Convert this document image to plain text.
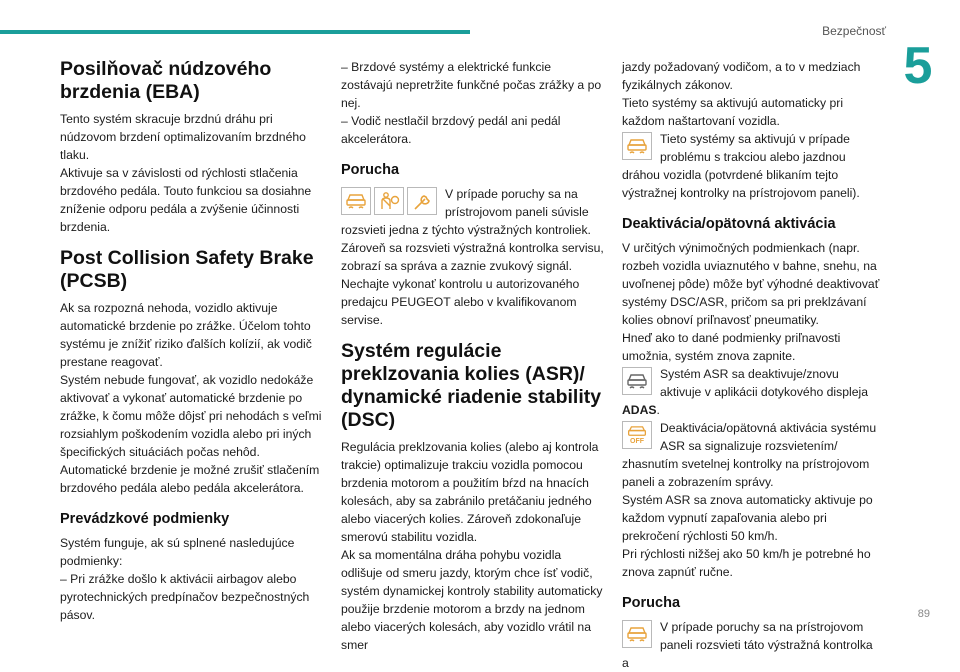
Bezpečnosť
5
89
Posilňovač núdzového brzdenia (EBA)

Tento systém skracuje brzdnú dráhu pri núdzovom brzdení optimalizovaním brzdného tlaku.
Aktivuje sa v závislosti od rýchlosti stlačenia brzdového pedála. Touto funkciou sa dosiahne zníženie odporu pedála a zvýšenie účinnosti brzdenia.

Post Collision Safety Brake (PCSB)

Ak sa rozpozná nehoda, vozidlo aktivuje automatické brzdenie po zrážke. Účelom tohto systému je znížiť riziko ďalších kolízií, ak vodič prestane reagovať.
Systém nebude fungovať, ak vozidlo nedokáže aktivovať a vykonať automatické brzdenie po zrážke, k čomu môže dôjsť pri nehodách s veľmi rozsiahlym poškodením vozidla alebo pri iných špecifických situáciách počas nehôd.
Automatické brzdenie je možné zrušiť stlačením brzdového pedála alebo pedála akcelerátora.

Prevádzkové podmienky

Systém funguje, ak sú splnené nasledujúce podmienky:
– Pri zrážke došlo k aktivácii airbagov alebo pyrotechnických predpínačov bezpečnostných pásov.

– Brzdové systémy a elektrické funkcie zostávajú nepretržite funkčné počas zrážky a po nej.
– Vodič nestlačil brzdový pedál ani pedál akcelerátora.

Porucha

V prípade poruchy sa na prístrojovom paneli súvisle rozsvieti jedna z týchto výstražných kontroliek.
Zároveň sa rozsvieti výstražná kontrolka servisu, zobrazí sa správa a zaznie zvukový signál.
Nechajte vykonať kontrolu u autorizovaného predajcu PEUGEOT alebo v kvalifikovanom servise.

Systém regulácie preklzovania kolies (ASR)/ dynamické riadenie stability (DSC)

Regulácia preklzovania kolies (alebo aj kontrola trakcie) optimalizuje trakciu vozidla pomocou brzdenia motorom a použitím bŕzd na hnacích kolesách, aby sa zabránilo pretáčaniu jedného alebo viacerých kolies. Zároveň zdokonaľuje smerovú stabilitu vozidla.
Ak sa momentálna dráha pohybu vozidla odlišuje od smeru jazdy, ktorým chce ísť vodič, systém dynamickej kontroly stability automaticky použije brzdenie motorom a brzdy na jednom alebo viacerých kolesách, aby vozidlo vrátil na smer

jazdy požadovaný vodičom, a to v medziach fyzikálnych zákonov.
Tieto systémy sa aktivujú automaticky pri každom naštartovaní vozidla.

Tieto systémy sa aktivujú v prípade problému s trakciou alebo jazdnou dráhou vozidla (potvrdené blikaním tejto výstražnej kontrolky na prístrojovom paneli).

Deaktivácia/opätovná aktivácia

V určitých výnimočných podmienkach (napr. rozbeh vozidla uviaznutého v bahne, snehu, na uvoľnenej pôde) môže byť výhodné deaktivovať systémy DSC/ASR, pričom sa pri preklzávaní kolies obnoví priľnavosť pneumatiky.
Hneď ako to dané podmienky priľnavosti umožnia, systém znova zapnite.

Systém ASR sa deaktivuje/znovu aktivuje v aplikácii dotykového displeja ADAS.

OFF

Deaktivácia/opätovná aktivácia systému ASR sa signalizuje rozsvietením/ zhasnutím svetelnej kontrolky na prístrojovom paneli a zobrazením správy.
Systém ASR sa znova automaticky aktivuje po každom vypnutí zapaľovania alebo pri prekročení rýchlosti 50 km/h.
Pri rýchlosti nižšej ako 50 km/h je potrebné ho znova zapnúť ručne.

Porucha

V prípade poruchy sa na prístrojovom paneli rozsvieti táto výstražná kontrolka a
